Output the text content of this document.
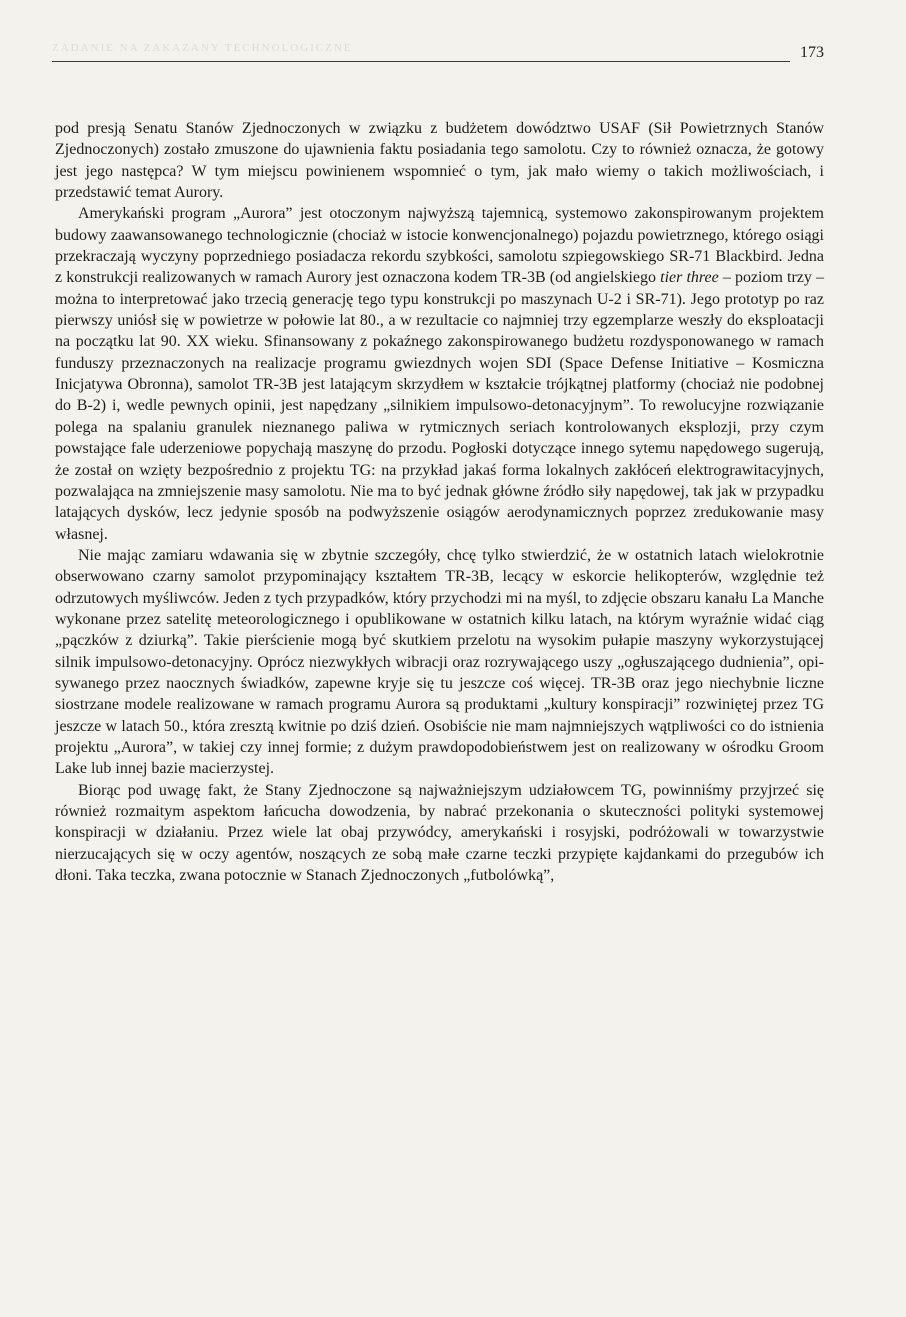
ZADANIE NA ZAKAZANY TECHNOLOGICZNE	173

pod presją Senatu Stanów Zjednoczonych w związku z budżetem dowództwo USAF (Sił Powietrznych Stanów Zjednoczonych) zostało zmuszone do ujawnienia faktu posiadania tego samolotu. Czy to również oznacza, że gotowy jest jego następca? W tym miejscu powinienem wspomnieć o tym, jak mało wiemy o takich możliwościach, i przedstawić temat Aurory.

Amerykański program „Aurora” jest otoczonym najwyższą tajemnicą, systemowo zakonspirowanym projektem budowy zaawansowanego technologicznie (chociaż w istocie konwencjonalnego) pojazdu powietrznego, którego osiągi przekraczają wyczyny poprzedniego posiadacza rekordu szybkości, samolotu szpiegowskiego SR-71 Blackbird. Jedna z konstrukcji realizowanych w ramach Aurory jest oznaczona kodem TR-3B (od angielskiego tier three – poziom trzy – można to interpretować jako trzecią generację tego typu konstrukcji po maszynach U-2 i SR-71). Jego prototyp po raz pierwszy uniósł się w powietrze w połowie lat 80., a w rezultacie co najmniej trzy egzemplarze weszły do eksploatacji na początku lat 90. XX wieku. Sfinansowany z pokaźnego zakonspirowanego budżetu rozdysponowanego w ramach funduszy przeznaczonych na realizacje programu gwiezdnych wojen SDI (Space Defense Initiative – Kosmiczna Inicjatywa Obronna), samolot TR-3B jest latającym skrzydłem w kształcie trójkątnej platformy (chociaż nie podobnej do B-2) i, wedle pewnych opinii, jest napędzany „silnikiem impulsowo-detonacyjnym”. To rewolucyjne rozwiązanie polega na spalaniu granulek nieznanego paliwa w rytmicznych seriach kontrolowanych eksplozji, przy czym powstające fale uderzeniowe popychają maszynę do przodu. Pogłoski dotyczące innego sytemu napędowego sugerują, że został on wzięty bezpośrednio z projektu TG: na przykład jakaś forma lokalnych zakłóceń elektrograwitacyjnych, pozwalająca na zmniejszenie masy samolotu. Nie ma to być jednak główne źródło siły napędowej, tak jak w przypadku latających dysków, lecz jedynie sposób na podwyższenie osiągów aerodynamicznych poprzez zredukowanie masy własnej.

Nie mając zamiaru wdawania się w zbytnie szczegóły, chcę tylko stwierdzić, że w ostatnich latach wielokrotnie obserwowano czarny samolot przypominający kształtem TR-3B, lecący w eskorcie helikopterów, względnie też odrzutowych myśliwców. Jeden z tych przypadków, który przychodzi mi na myśl, to zdjęcie obszaru kanału La Manche wykonane przez satelitę meteorologicznego i opublikowane w ostatnich kilku latach, na którym wyraźnie widać ciąg „pączków z dziurką”. Takie pierścienie mogą być skutkiem przelotu na wysokim pułapie maszyny wykorzystującej silnik impulsowo-detonacyjny. Oprócz niezwykłych wibracji oraz rozrywającego uszy „ogłuszającego dudnienia”, opisywanego przez naocznych świadków, zapewne kryje się tu jeszcze coś więcej. TR-3B oraz jego niechybnie liczne siostrzane modele realizowane w ramach programu Aurora są produktami „kultury konspiracji” rozwiniętej przez TG jeszcze w latach 50., która zresztą kwitnie po dziś dzień. Osobiście nie mam najmniejszych wątpliwości co do istnienia projektu „Aurora”, w takiej czy innej formie; z dużym prawdopodobieństwem jest on realizowany w ośrodku Groom Lake lub innej bazie macierzystej.

Biorąc pod uwagę fakt, że Stany Zjednoczone są najważniejszym udziałowcem TG, powinniśmy przyjrzeć się również rozmaitym aspektom łańcucha dowodzenia, by nabrać przekonania o skuteczności polityki systemowej konspiracji w działaniu. Przez wiele lat obaj przywódcy, amerykański i rosyjski, podróżowali w towarzystwie nierzucających się w oczy agentów, noszących ze sobą małe czarne teczki przypięte kajdankami do przegubów ich dłoni. Taka teczka, zwana potocznie w Stanach Zjednoczonych „futbolówką”,
